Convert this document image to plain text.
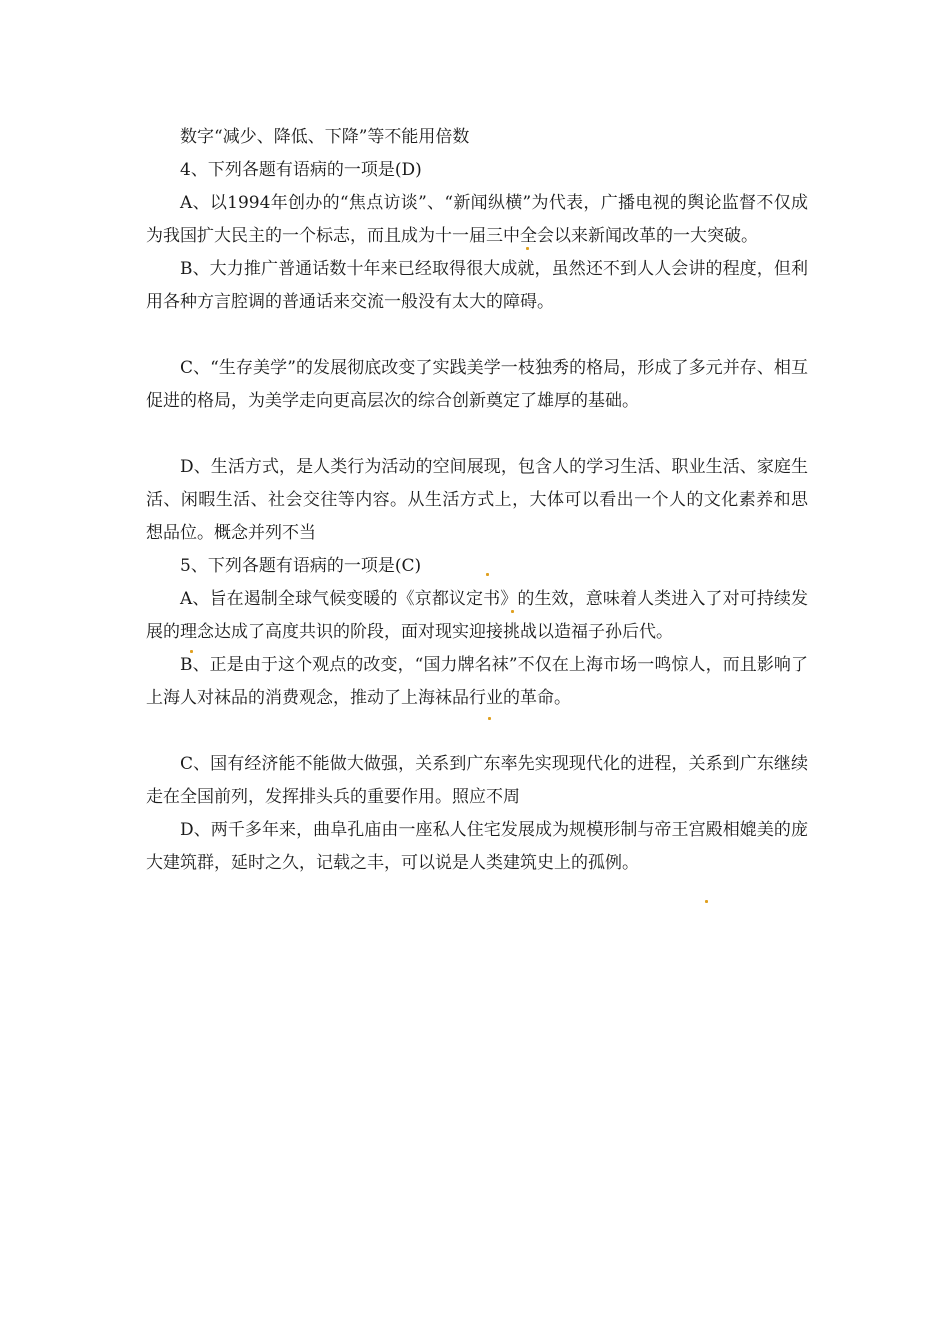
数字“减少、降低、下降”等不能用倍数

4、下列各题有语病的一项是(D)

A、以1994年创办的“焦点访谈”、“新闻纵横”为代表，广播电视的舆论监督不仅成为我国扩大民主的一个标志，而且成为十一届三中全会以来新闻改革的一大突破。

B、大力推广普通话数十年来已经取得很大成就，虽然还不到人人会讲的程度，但利用各种方言腔调的普通话来交流一般没有太大的障碍。

C、“生存美学”的发展彻底改变了实践美学一枝独秀的格局，形成了多元并存、相互促进的格局，为美学走向更高层次的综合创新奠定了雄厚的基础。

D、生活方式，是人类行为活动的空间展现，包含人的学习生活、职业生活、家庭生活、闲暇生活、社会交往等内容。从生活方式上，大体可以看出一个人的文化素养和思想品位。概念并列不当

5、下列各题有语病的一项是(C)

A、旨在遏制全球气候变暖的《京都议定书》的生效，意味着人类进入了对可持续发展的理念达成了高度共识的阶段，面对现实迎接挑战以造福子孙后代。

B、正是由于这个观点的改变，“国力牌名袜”不仅在上海市场一鸣惊人，而且影响了上海人对袜品的消费观念，推动了上海袜品行业的革命。

C、国有经济能不能做大做强，关系到广东率先实现现代化的进程，关系到广东继续走在全国前列，发挥排头兵的重要作用。照应不周

D、两千多年来，曲阜孔庙由一座私人住宅发展成为规模形制与帝王宫殿相媲美的庞大建筑群，延时之久，记载之丰，可以说是人类建筑史上的孤例。
